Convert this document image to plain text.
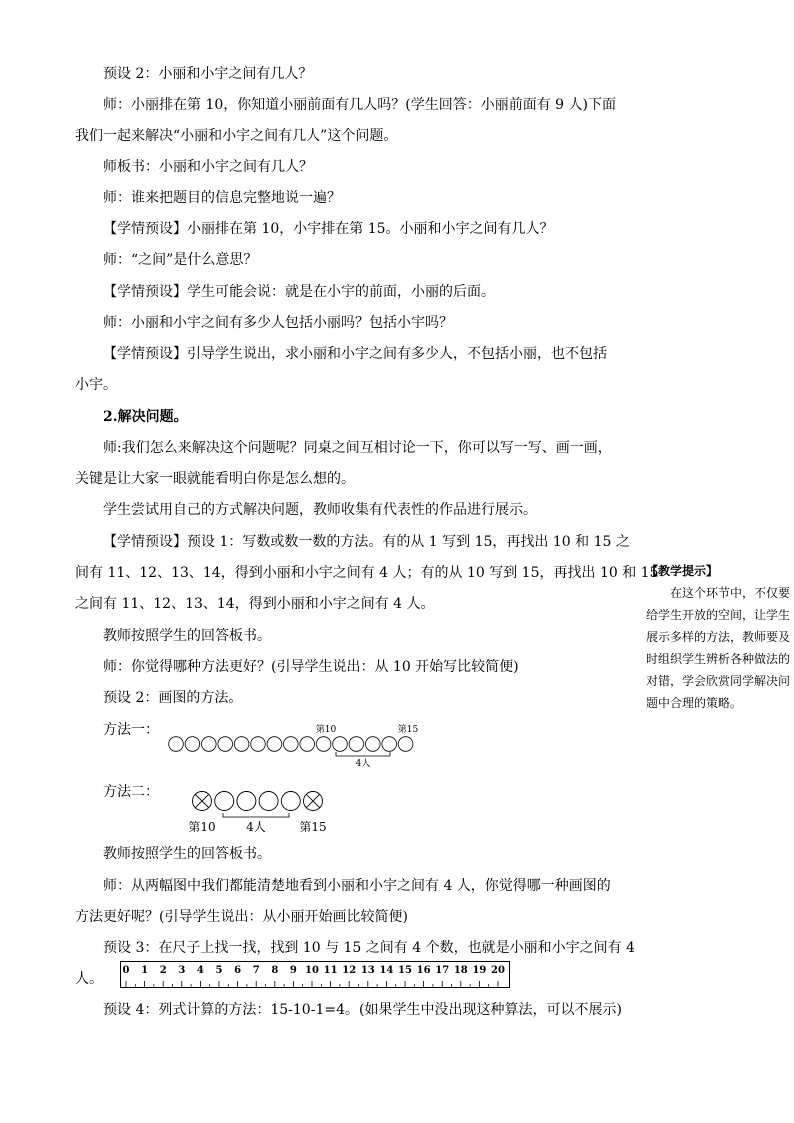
预设 2：小丽和小宇之间有几人？
师：小丽排在第 10，你知道小丽前面有几人吗？(学生回答：小丽前面有 9 人)下面
我们一起来解决“小丽和小宇之间有几人”这个问题。
师板书：小丽和小宇之间有几人？
师：谁来把题目的信息完整地说一遍？
【学情预设】小丽排在第 10，小宇排在第 15。小丽和小宇之间有几人？
师：“之间”是什么意思？
【学情预设】学生可能会说：就是在小宇的前面，小丽的后面。
师：小丽和小宇之间有多少人包括小丽吗？包括小宇吗？
【学情预设】引导学生说出，求小丽和小宇之间有多少人，不包括小丽，也不包括
小宇。
2.解决问题。
师:我们怎么来解决这个问题呢？同桌之间互相讨论一下，你可以写一写、画一画，
关键是让大家一眼就能看明白你是怎么想的。
学生尝试用自己的方式解决问题，教师收集有代表性的作品进行展示。
【学情预设】预设 1：写数或数一数的方法。有的从 1 写到 15，再找出 10 和 15 之
间有 11、12、13、14，得到小丽和小宇之间有 4 人；有的从 10 写到 15，再找出 10 和 15
之间有 11、12、13、14，得到小丽和小宇之间有 4 人。
教师按照学生的回答板书。
师：你觉得哪种方法更好？(引导学生说出：从 10 开始写比较简便)
预设 2：画图的方法。
方法一：
方法二：
教师按照学生的回答板书。
师：从两幅图中我们都能清楚地看到小丽和小宇之间有 4 人，你觉得哪一种画图的
方法更好呢？(引导学生说出：从小丽开始画比较简便)
预设 3：在尺子上找一找，找到 10 与 15 之间有 4 个数，也就是小丽和小宇之间有 4
人。
预设 4：列式计算的方法：15-10-1=4。(如果学生中没出现这种算法，可以不展示)
第10	第15
4人
第10	4人	第15
0 1 2 3 4 5 6 7 8 9 10 11 12 13 14 15 16 17 18 19 20
【教学提示】
在这个环节中，不仅要给学生开放的空间，让学生展示多样的方法，教师要及时组织学生辨析各种做法的对错，学会欣赏同学解决问题中合理的策略。
